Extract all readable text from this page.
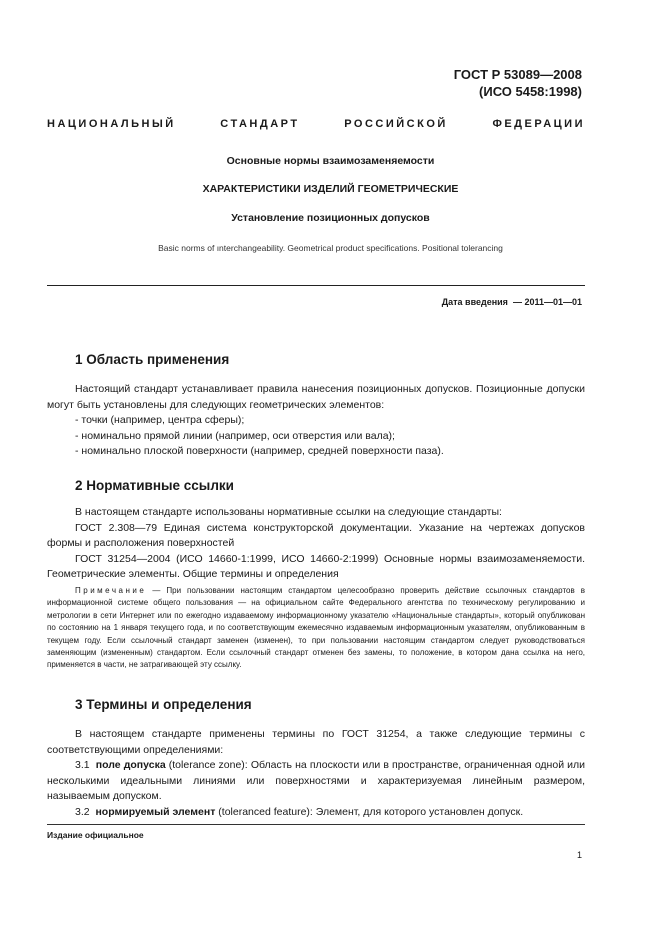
ГОСТ Р 53089—2008
(ИСО 5458:1998)
НАЦИОНАЛЬНЫЙ	СТАНДАРТ	РОССИЙСКОЙ	ФЕДЕРАЦИИ
Основные нормы взаимозаменяемости
ХАРАКТЕРИСТИКИ ИЗДЕЛИЙ ГЕОМЕТРИЧЕСКИЕ
Установление позиционных допусков
Basic norms of ınterchangeability. Geometrical product specifications. Positional tolerancing
Дата введения — 2011—01—01
1 Область применения

Настоящий стандарт устанавливает правила нанесения позиционных допусков. Позиционные допуски могут быть установлены для следующих геометрических элементов:

- точки (например, центра сферы);

- номинально прямой линии (например, оси отверстия или вала);

- номинально плоской поверхности (например, средней поверхности паза).

2 Нормативные ссылки

В настоящем стандарте использованы нормативные ссылки на следующие стандарты:

ГОСТ 2.308—79 Единая система конструкторской документации. Указание на чертежах допусков формы и расположения поверхностей

ГОСТ 31254—2004 (ИСО 14660-1:1999, ИСО 14660-2:1999) Основные нормы взаимозаменяемости. Геометрические элементы. Общие термины и определения

Примечание — При пользовании настоящим стандартом целесообразно проверить действие ссылочных стандартов в информационной системе общего пользования — на официальном сайте Федерального агентства по техническому регулированию и метрологии в сети Интернет или по ежегодно издаваемому информационному указателю «Национальные стандарты», который опубликован по состоянию на 1 января текущего года, и по соответствующим ежемесячно издаваемым информационным указателям, опубликованным в текущем году. Если ссылочный стандарт заменен (изменен), то при пользовании настоящим стандартом следует руководствоваться заменяющим (измененным) стандартом. Если ссылочный стандарт отменен без замены, то положение, в котором дана ссылка на него, применяется в части, не затрагивающей эту ссылку.

3 Термины и определения

В настоящем стандарте применены термины по ГОСТ 31254, а также следующие термины с соответствующими определениями:

3.1 поле допуска (tolerance zone): Область на плоскости или в пространстве, ограниченная одной или несколькими идеальными линиями или поверхностями и характеризуемая линейным размером, называемым допуском.

3.2 нормируемый элемент (toleranced feature): Элемент, для которого установлен допуск.

Издание официальное
1
